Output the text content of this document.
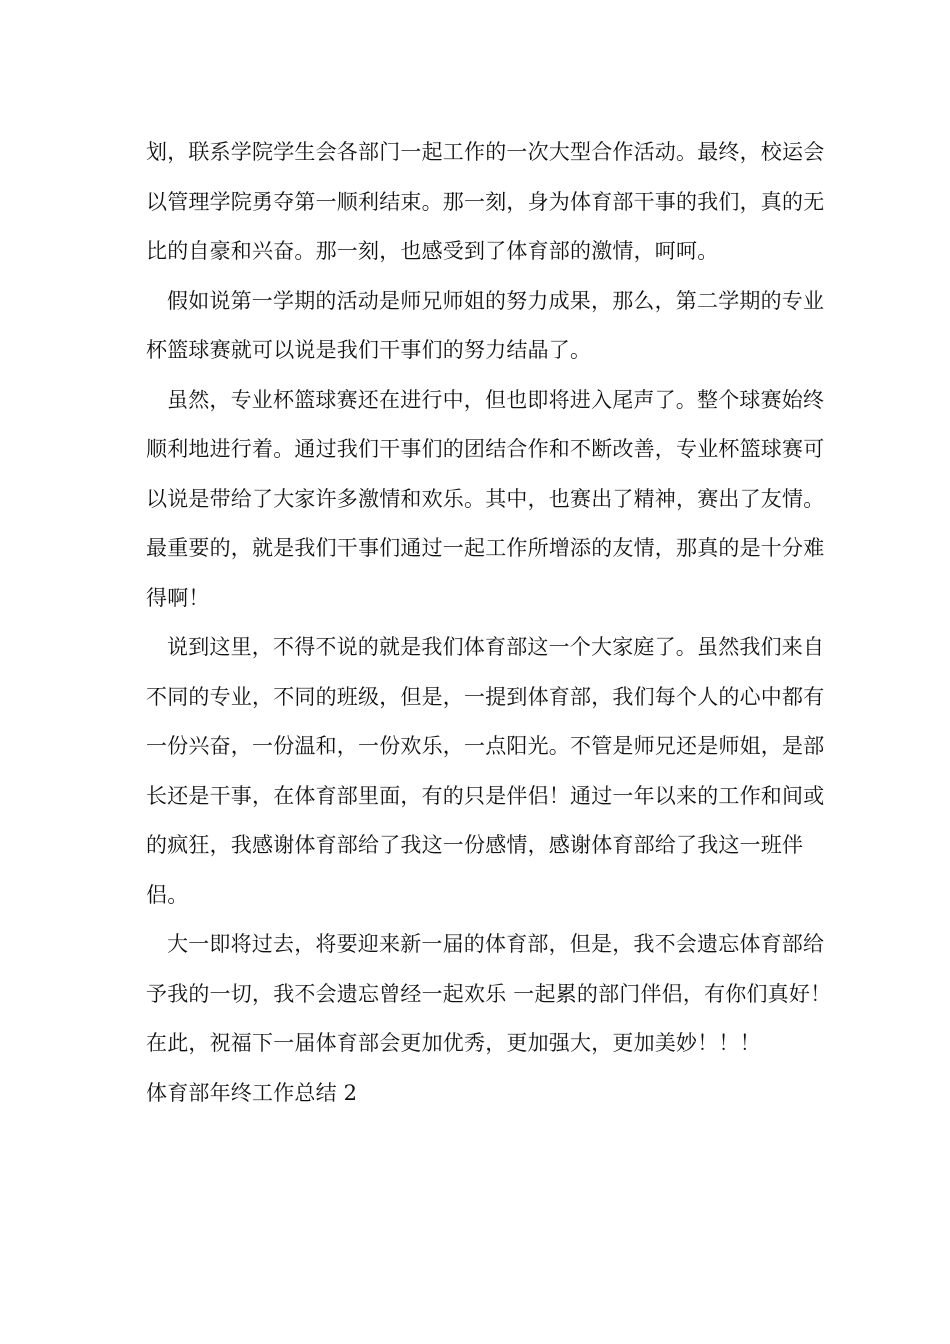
划，联系学院学生会各部门一起工作的一次大型合作活动。最终，校运会以管理学院勇夺第一顺利结束。那一刻，身为体育部干事的我们，真的无比的自豪和兴奋。那一刻，也感受到了体育部的激情，呵呵。

假如说第一学期的活动是师兄师姐的努力成果，那么，第二学期的专业杯篮球赛就可以说是我们干事们的努力结晶了。

虽然，专业杯篮球赛还在进行中，但也即将进入尾声了。整个球赛始终顺利地进行着。通过我们干事们的团结合作和不断改善，专业杯篮球赛可以说是带给了大家许多激情和欢乐。其中，也赛出了精神，赛出了友情。最重要的，就是我们干事们通过一起工作所增添的友情，那真的是十分难得啊！

说到这里，不得不说的就是我们体育部这一个大家庭了。虽然我们来自不同的专业，不同的班级，但是，一提到体育部，我们每个人的心中都有一份兴奋，一份温和，一份欢乐，一点阳光。不管是师兄还是师姐，是部长还是干事，在体育部里面，有的只是伴侣！通过一年以来的工作和间或的疯狂，我感谢体育部给了我这一份感情，感谢体育部给了我这一班伴侣。

大一即将过去，将要迎来新一届的体育部，但是，我不会遗忘体育部给予我的一切，我不会遗忘曾经一起欢乐 一起累的部门伴侣，有你们真好！在此，祝福下一届体育部会更加优秀，更加强大，更加美妙！！！

体育部年终工作总结 2
